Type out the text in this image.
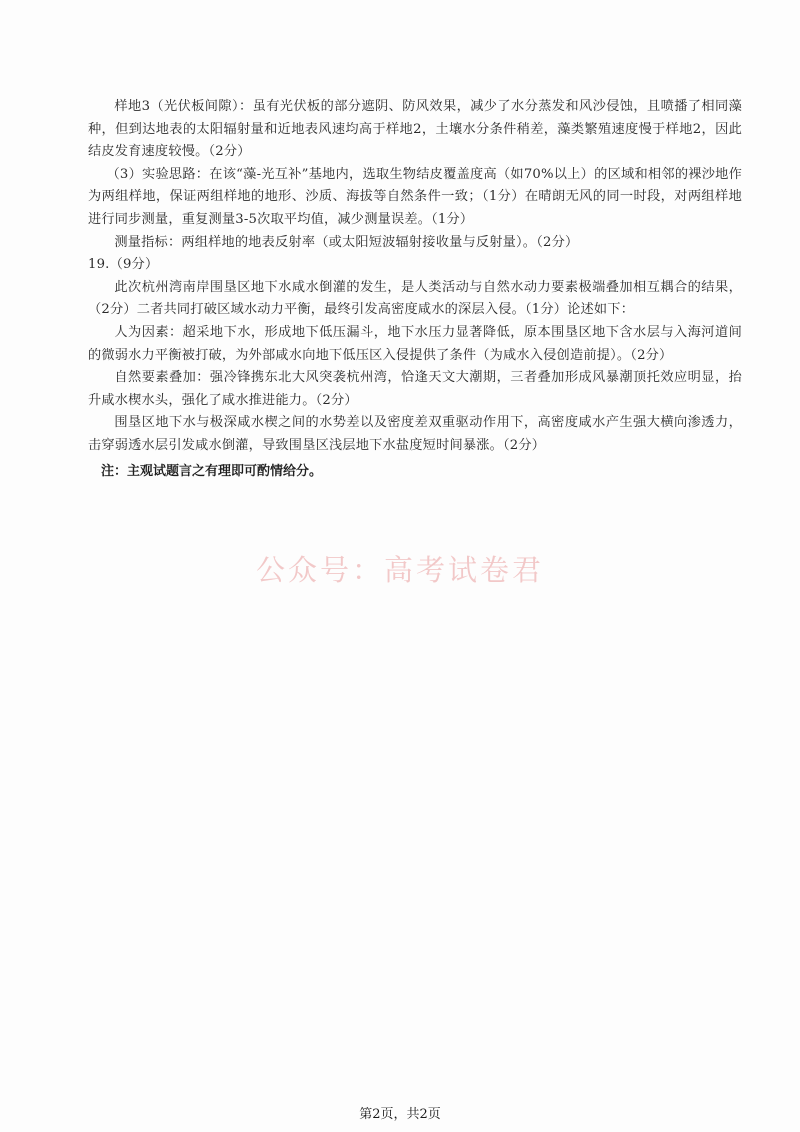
样地3（光伏板间隙）：虽有光伏板的部分遮阴、防风效果，减少了水分蒸发和风沙侵蚀，且喷播了相同藻种，但到达地表的太阳辐射量和近地表风速均高于样地2，土壤水分条件稍差，藻类繁殖速度慢于样地2，因此结皮发育速度较慢。（2分）

（3）实验思路：在该“藻-光互补”基地内，选取生物结皮覆盖度高（如70%以上）的区域和相邻的裸沙地作为两组样地，保证两组样地的地形、沙质、海拔等自然条件一致；（1分）在晴朗无风的同一时段，对两组样地进行同步测量，重复测量3-5次取平均值，减少测量误差。（1分）

测量指标：两组样地的地表反射率（或太阳短波辐射接收量与反射量）。（2分）

19.（9分）

此次杭州湾南岸围垦区地下水咸水倒灌的发生，是人类活动与自然水动力要素极端叠加相互耦合的结果，（2分）二者共同打破区域水动力平衡，最终引发高密度咸水的深层入侵。（1分）论述如下：

人为因素：超采地下水，形成地下低压漏斗，地下水压力显著降低，原本围垦区地下含水层与入海河道间的微弱水力平衡被打破，为外部咸水向地下低压区入侵提供了条件（为咸水入侵创造前提）。（2分）

自然要素叠加：强冷锋携东北大风突袭杭州湾，恰逢天文大潮期，三者叠加形成风暴潮顶托效应明显，抬升咸水楔水头，强化了咸水推进能力。（2分）

围垦区地下水与极深咸水楔之间的水势差以及密度差双重驱动作用下，高密度咸水产生强大横向渗透力，击穿弱透水层引发咸水倒灌，导致围垦区浅层地下水盐度短时间暴涨。（2分）

注：主观试题言之有理即可酌情给分。
公众号：高考试卷君
第2页，共2页
